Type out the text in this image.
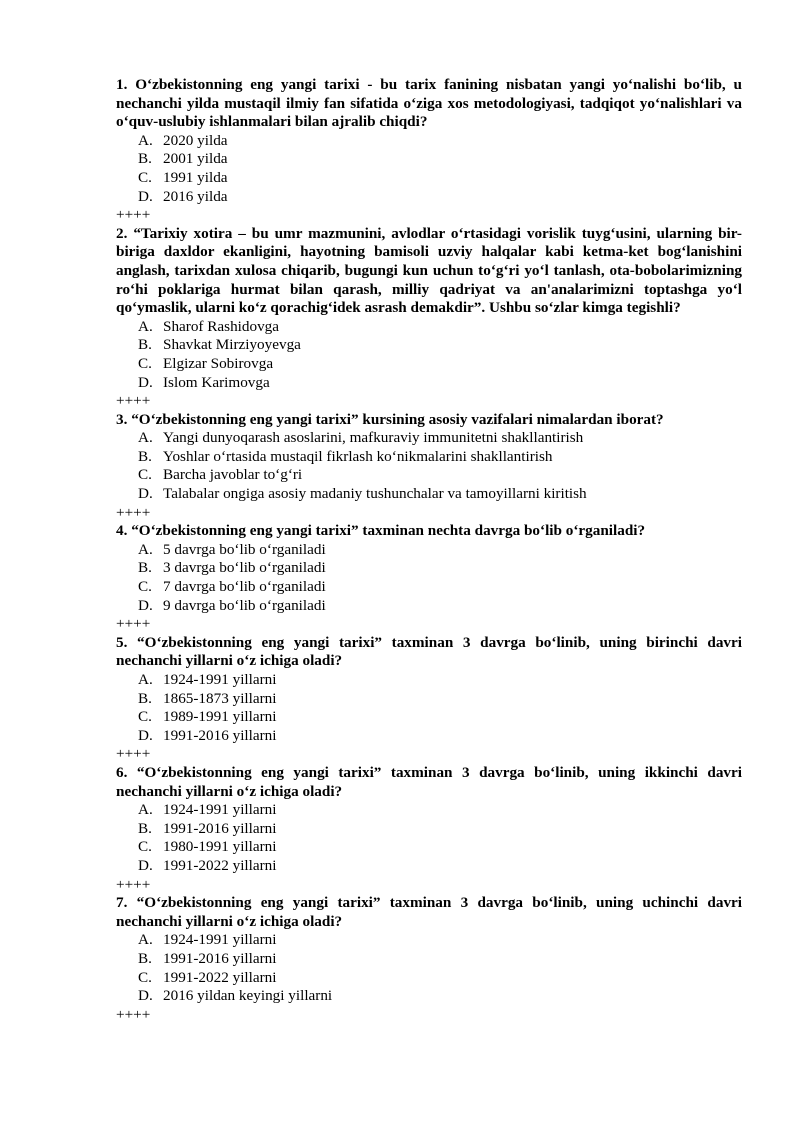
1. O‘zbekistonning eng yangi tarixi - bu tarix fanining nisbatan yangi yo‘nalishi bo‘lib, u nechanchi yilda mustaqil ilmiy fan sifatida o‘ziga xos metodologiyasi, tadqiqot yo‘nalishlari va o‘quv-uslubiy ishlanmalari bilan ajralib chiqdi?

A. 2020 yilda
B. 2001 yilda
C. 1991 yilda
D. 2016 yilda

++++

2. “Tarixiy xotira – bu umr mazmunini, avlodlar o‘rtasidagi vorislik tuyg‘usini, ularning bir-biriga daxldor ekanligini, hayotning bamisoli uzviy halqalar kabi ketma-ket bog‘lanishini anglash, tarixdan xulosa chiqarib, bugungi kun uchun to‘g‘ri yo‘l tanlash, ota-bobolarimizning ro‘hi poklariga hurmat bilan qarash, milliy qadriyat va an'analarimizni toptashga yo‘l qo‘ymaslik, ularni ko‘z qorachig‘idek asrash demakdir”. Ushbu so‘zlar kimga tegishli?

A. Sharof Rashidovga
B. Shavkat Mirziyoyevga
C. Elgizar Sobirovga
D. Islom Karimovga

++++

3. “O‘zbekistonning eng yangi tarixi” kursining asosiy vazifalari nimalardan iborat?

A. Yangi dunyoqarash asoslarini, mafkuraviy immunitetni shakllantirish
B. Yoshlar o‘rtasida mustaqil fikrlash ko‘nikmalarini shakllantirish
C. Barcha javoblar to‘g‘ri
D. Talabalar ongiga asosiy madaniy tushunchalar va tamoyillarni kiritish

++++

4. “O‘zbekistonning eng yangi tarixi” taxminan nechta davrga bo‘lib o‘rganiladi?

A. 5 davrga bo‘lib o‘rganiladi
B. 3 davrga bo‘lib o‘rganiladi
C. 7 davrga bo‘lib o‘rganiladi
D. 9 davrga bo‘lib o‘rganiladi

++++

5. “O‘zbekistonning eng yangi tarixi” taxminan 3 davrga bo‘linib, uning birinchi davri nechanchi yillarni o‘z ichiga oladi?

A. 1924-1991 yillarni
B. 1865-1873 yillarni
C. 1989-1991 yillarni
D. 1991-2016 yillarni

++++

6. “O‘zbekistonning eng yangi tarixi” taxminan 3 davrga bo‘linib, uning ikkinchi davri nechanchi yillarni o‘z ichiga oladi?

A. 1924-1991 yillarni
B. 1991-2016 yillarni
C. 1980-1991 yillarni
D. 1991-2022 yillarni

++++

7. “O‘zbekistonning eng yangi tarixi” taxminan 3 davrga bo‘linib, uning uchinchi davri nechanchi yillarni o‘z ichiga oladi?

A. 1924-1991 yillarni
B. 1991-2016 yillarni
C. 1991-2022 yillarni
D. 2016 yildan keyingi yillarni

++++
